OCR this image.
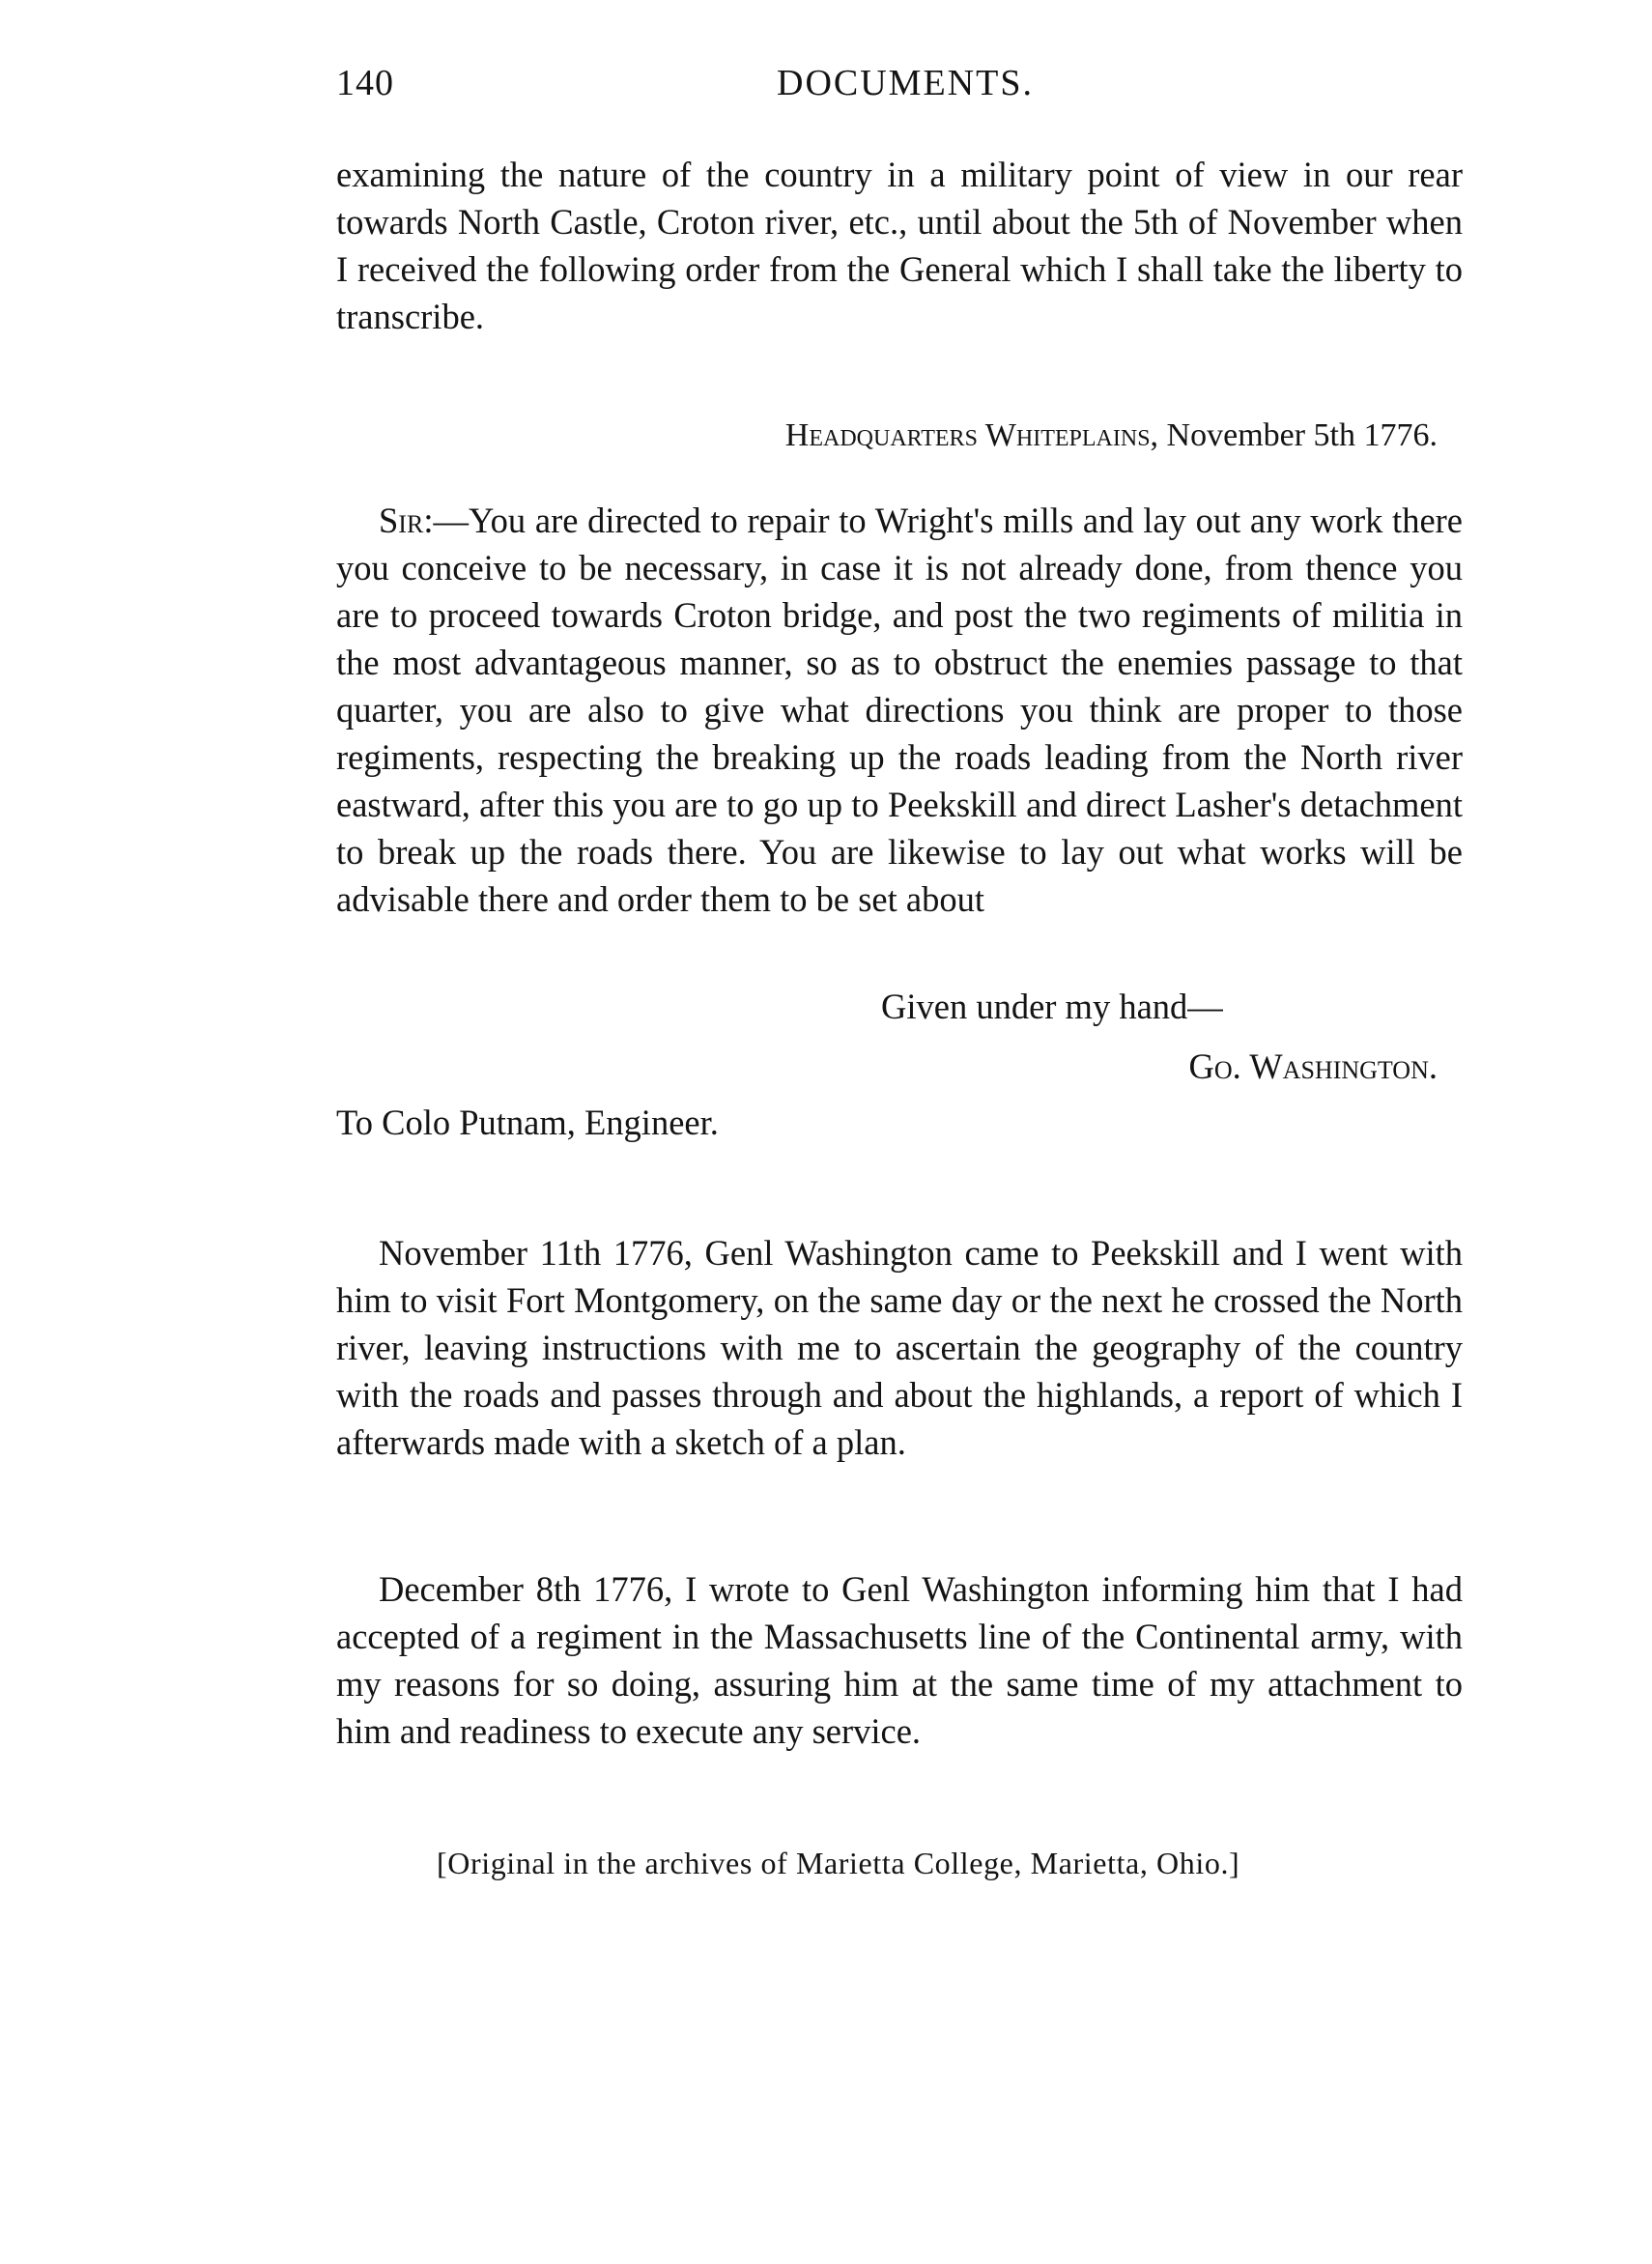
140	DOCUMENTS.

examining the nature of the country in a military point of view in our rear towards North Castle, Croton river, etc., until about the 5th of November when I received the following order from the General which I shall take the liberty to transcribe.

Headquarters Whiteplains, November 5th 1776.

Sir:—You are directed to repair to Wright's mills and lay out any work there you conceive to be necessary, in case it is not already done, from thence you are to proceed towards Croton bridge, and post the two regiments of militia in the most advantageous manner, so as to obstruct the enemies passage to that quarter, you are also to give what directions you think are proper to those regiments, respecting the breaking up the roads leading from the North river eastward, after this you are to go up to Peekskill and direct Lasher's detachment to break up the roads there. You are likewise to lay out what works will be advisable there and order them to be set about

Given under my hand—
Go. Washington.
To Colo Putnam, Engineer.

November 11th 1776, Genl Washington came to Peekskill and I went with him to visit Fort Montgomery, on the same day or the next he crossed the North river, leaving instructions with me to ascertain the geography of the country with the roads and passes through and about the highlands, a report of which I afterwards made with a sketch of a plan.

December 8th 1776, I wrote to Genl Washington informing him that I had accepted of a regiment in the Massachusetts line of the Continental army, with my reasons for so doing, assuring him at the same time of my attachment to him and readiness to execute any service.

[Original in the archives of Marietta College, Marietta, Ohio.]
